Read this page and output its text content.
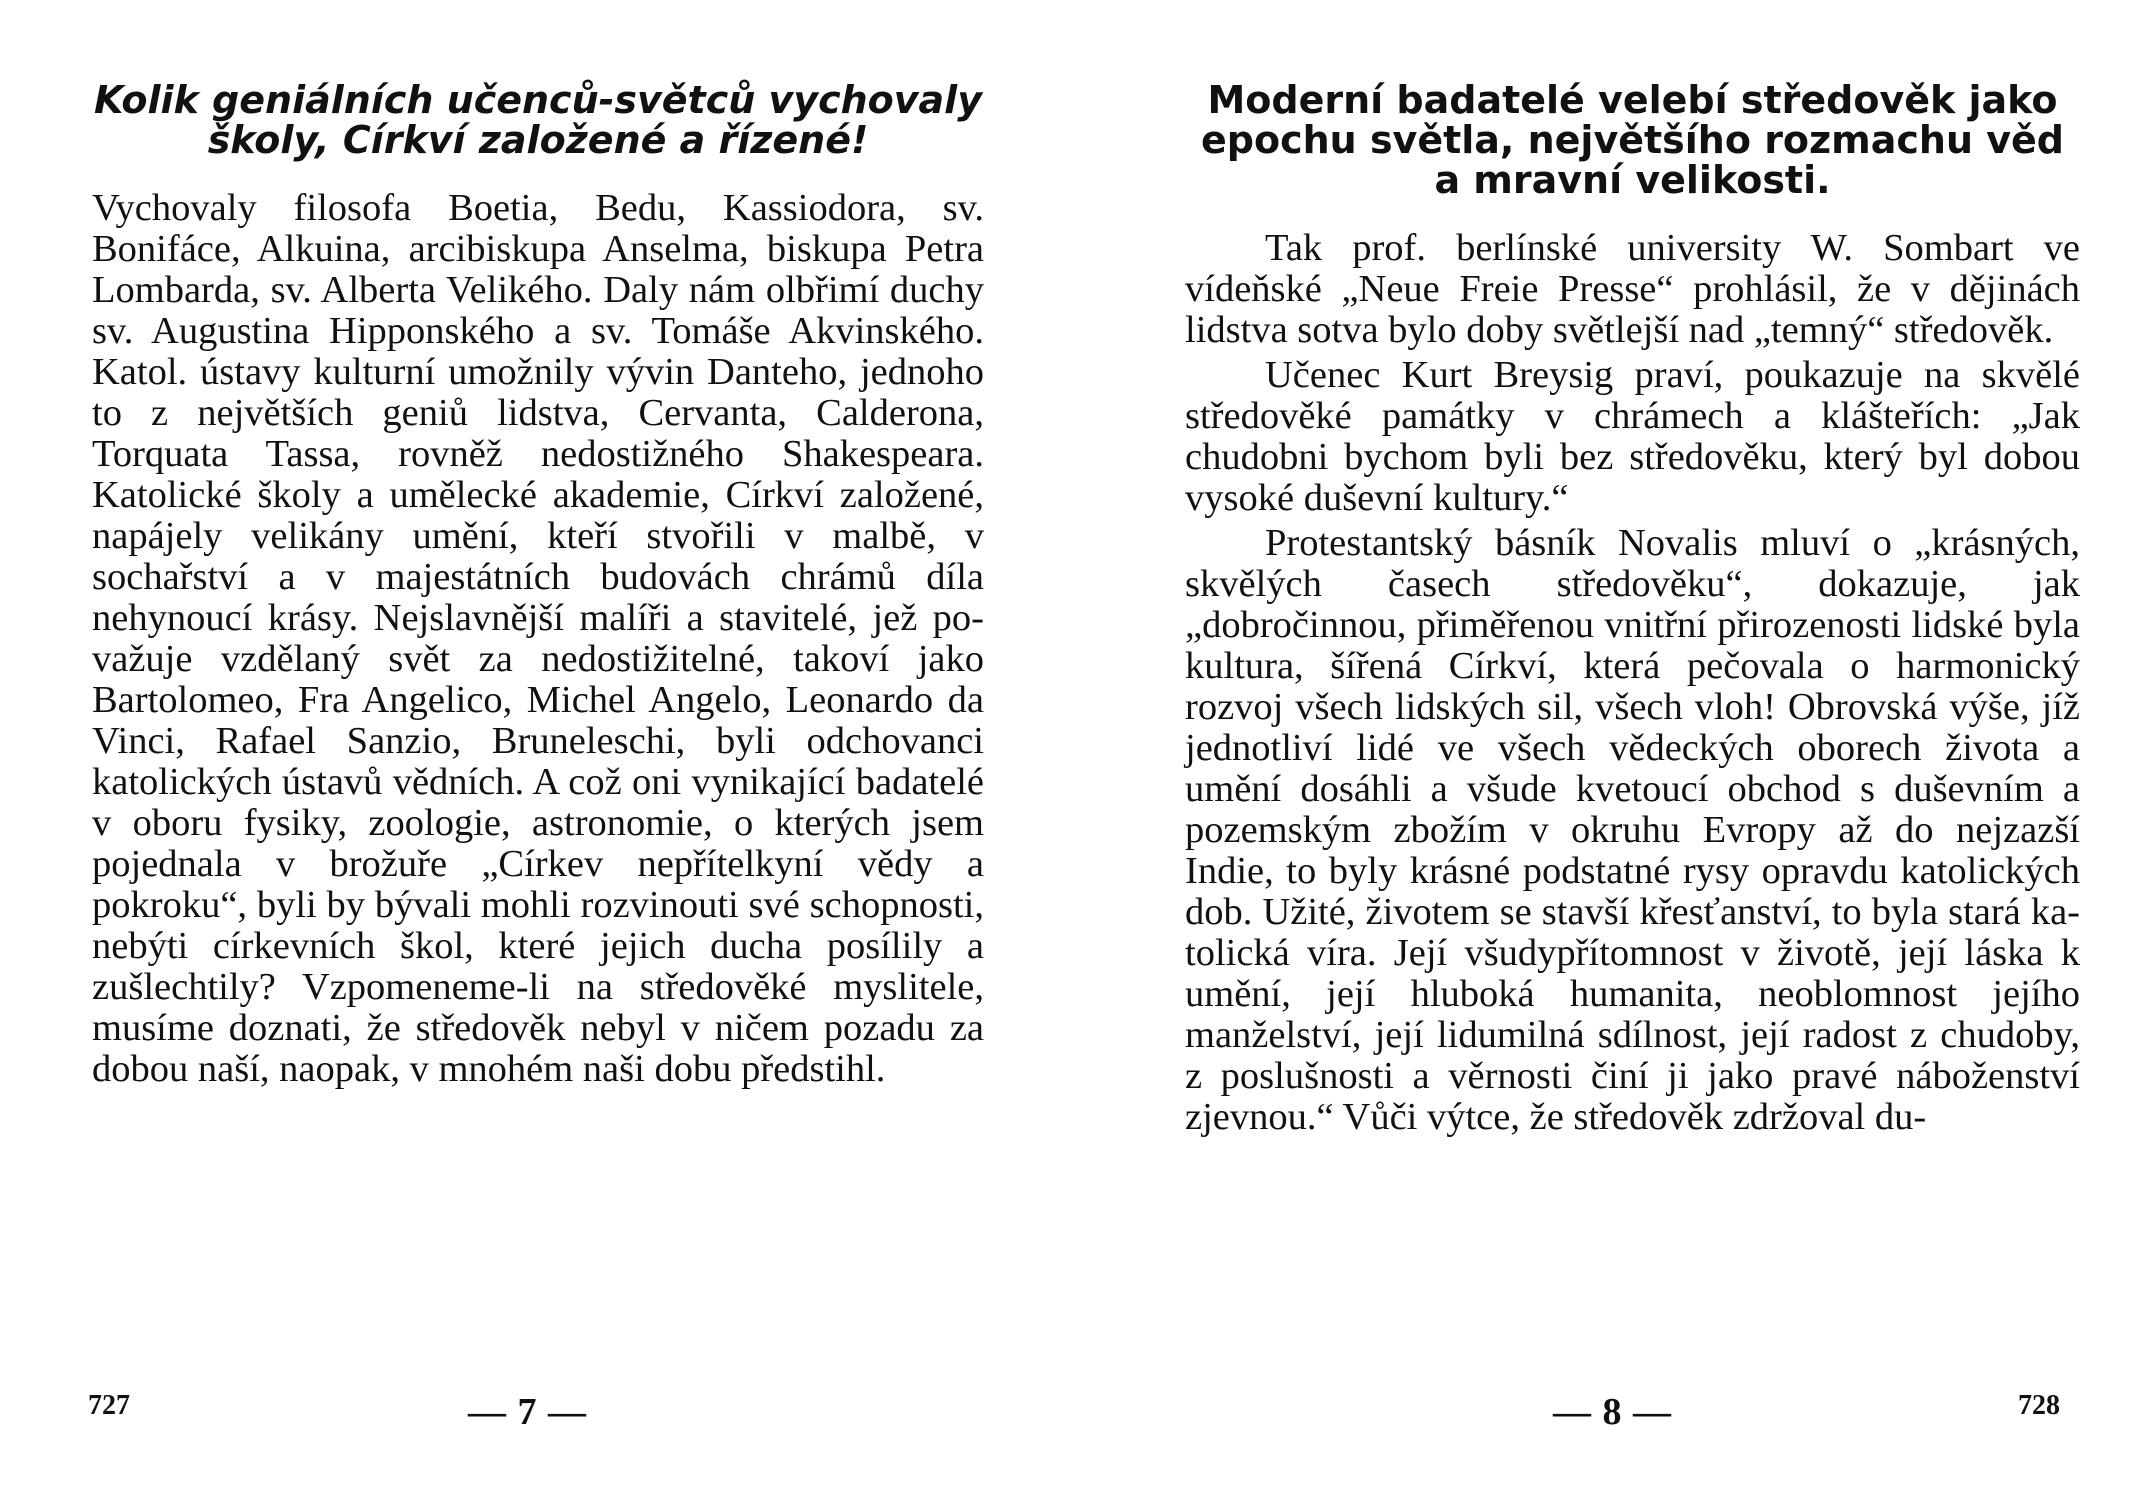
Kolik geniálních učenců-světců vychovaly školy, Církví založené a řízené!

Vychovaly filosofa Boetia, Bedu, Kassiodora, sv. Bonifáce, Alkuina, arcibiskupa Anselma, biskupa Petra Lombarda, sv. Alberta Velikého. Daly nám olbřimí duchy sv. Augustina Hipponského a sv. Tomáše Akvinského. Katol. ústavy kulturní umožnily vývin Danteho, jednoho to z největších geniů lidstva, Cervanta, Calderona, Torquata Tassa, rovněž nedostižného Shakespeara. Katolické školy a umělecké akademie, Církví založené, napájely velikány umění, kteří stvořili v malbě, v sochařství a v majestátních budovách chrámů díla nehynoucí krásy. Nejslavnější malíři a stavitelé, jež považuje vzdělaný svět za nedostižitelné, takoví jako Bartolomeo, Fra Angelico, Michel Angelo, Leonardo da Vinci, Rafael Sanzio, Bruneleschi, byli odchovanci katolických ústavů vědních. A což oni vynikající badatelé v oboru fysiky, zoologie, astronomie, o kterých jsem pojednala v brožuře „Církev nepřítelkyní vědy a pokroku“, byli by bývali mohli rozvinouti své schopnosti, nebýti církevních škol, které jejich ducha posílily a zušlechtily? Vzpomeneme-li na středověké myslitele, musíme doznati, že středověk nebyl v ničem pozadu za dobou naší, naopak, v mnohém naši dobu předstihl.

727	— 7 —
Moderní badatelé velebí středověk jako epochu světla, největšího rozmachu věd a mravní velikosti.

Tak prof. berlínské university W. Sombart ve vídeňské „Neue Freie Presse“ prohlásil, že v dějinách lidstva sotva bylo doby světlejší nad „temný“ středověk.

Učenec Kurt Breysig praví, poukazuje na skvělé středověké památky v chrámech a klášteřích: „Jak chudobni bychom byli bez středověku, který byl dobou vysoké duševní kultury.“

Protestantský básník Novalis mluví o „krásných, skvělých časech středověku“, dokazuje, jak „dobročinnou, přiměřenou vnitřní přirozenosti lidské byla kultura, šířená Církví, která pečovala o harmonický rozvoj všech lidských sil, všech vloh! Obrovská výše, jíž jednotliví lidé ve všech vědeckých oborech života a umění dosáhli a všude kvetoucí obchod s duševním a pozemským zbožím v okruhu Evropy až do nejzazší Indie, to byly krásné podstatné rysy opravdu katolických dob. Užité, životem se stavší křesťanství, to byla stará katolická víra. Její všudypřítomnost v životě, její láska k umění, její hluboká humanita, neoblomnost jejího manželství, její lidumilná sdílnost, její radost z chudoby, z poslušnosti a věrnosti činí ji jako pravé náboženství zjevnou.“ Vůči výtce, že středověk zdržoval du-

— 8 —	728
